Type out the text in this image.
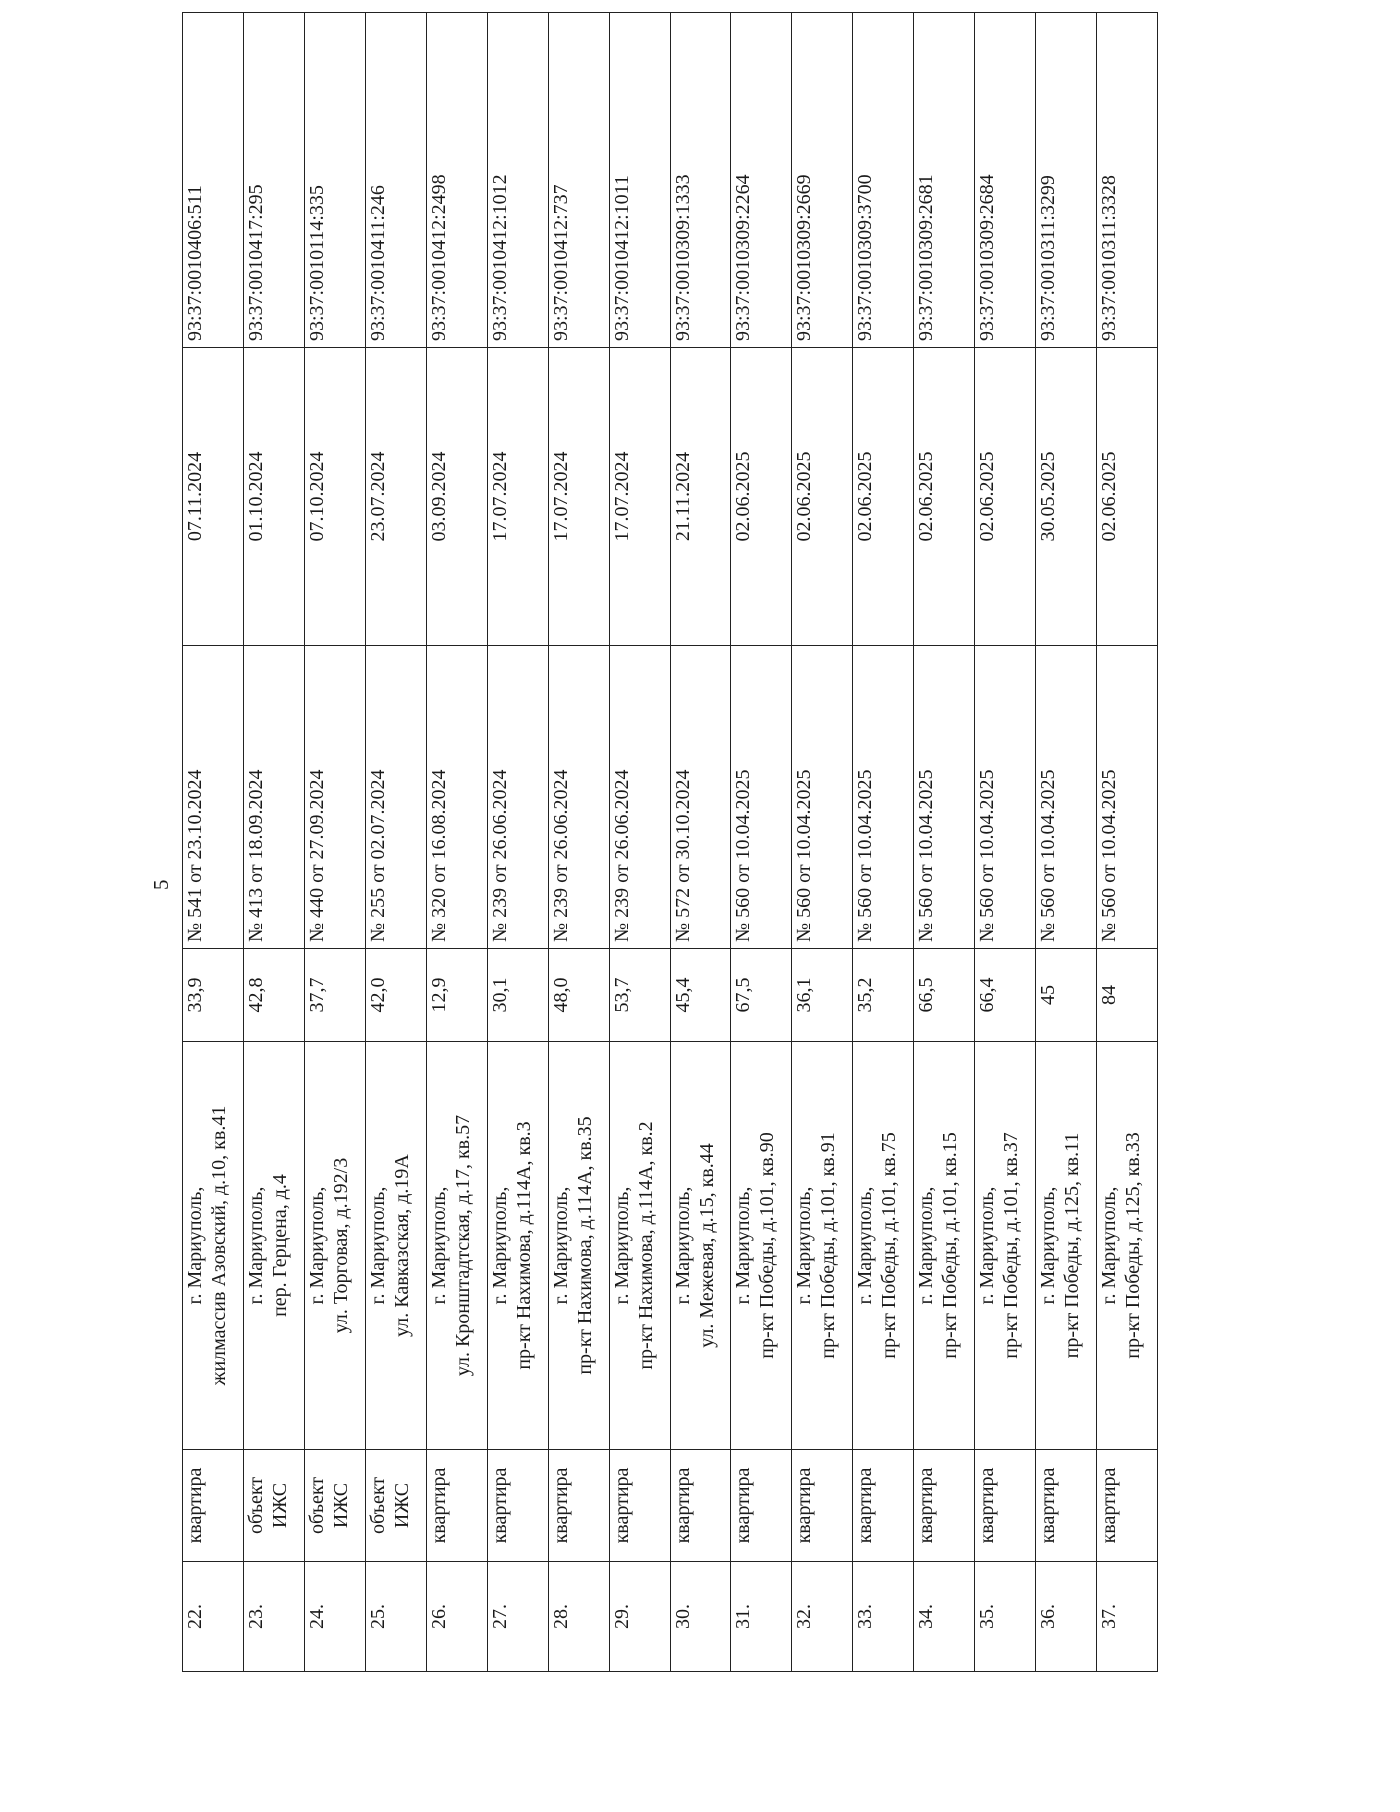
5
22.	квартира	г. Мариуполь, жилмассив Азовский, д.10, кв.41	33,9	№ 541 от 23.10.2024	07.11.2024	93:37:0010406:511
23.	объект ИЖС	г. Мариуполь, пер. Герцена, д.4	42,8	№ 413 от 18.09.2024	01.10.2024	93:37:0010417:295
24.	объект ИЖС	г. Мариуполь, ул. Торговая, д.192/3	37,7	№ 440 от 27.09.2024	07.10.2024	93:37:0010114:335
25.	объект ИЖС	г. Мариуполь, ул. Кавказская, д.19А	42,0	№ 255 от 02.07.2024	23.07.2024	93:37:0010411:246
26.	квартира	г. Мариуполь, ул. Кронштадтская, д.17, кв.57	12,9	№ 320 от 16.08.2024	03.09.2024	93:37:0010412:2498
27.	квартира	г. Мариуполь, пр-кт Нахимова, д.114А, кв.3	30,1	№ 239 от 26.06.2024	17.07.2024	93:37:0010412:1012
28.	квартира	г. Мариуполь, пр-кт Нахимова, д.114А, кв.35	48,0	№ 239 от 26.06.2024	17.07.2024	93:37:0010412:737
29.	квартира	г. Мариуполь, пр-кт Нахимова, д.114А, кв.2	53,7	№ 239 от 26.06.2024	17.07.2024	93:37:0010412:1011
30.	квартира	г. Мариуполь, ул. Межевая, д.15, кв.44	45,4	№ 572 от 30.10.2024	21.11.2024	93:37:0010309:1333
31.	квартира	г. Мариуполь, пр-кт Победы, д.101, кв.90	67,5	№ 560 от 10.04.2025	02.06.2025	93:37:0010309:2264
32.	квартира	г. Мариуполь, пр-кт Победы, д.101, кв.91	36,1	№ 560 от 10.04.2025	02.06.2025	93:37:0010309:2669
33.	квартира	г. Мариуполь, пр-кт Победы, д.101, кв.75	35,2	№ 560 от 10.04.2025	02.06.2025	93:37:0010309:3700
34.	квартира	г. Мариуполь, пр-кт Победы, д.101, кв.15	66,5	№ 560 от 10.04.2025	02.06.2025	93:37:0010309:2681
35.	квартира	г. Мариуполь, пр-кт Победы, д.101, кв.37	66,4	№ 560 от 10.04.2025	02.06.2025	93:37:0010309:2684
36.	квартира	г. Мариуполь, пр-кт Победы, д.125, кв.11	45	№ 560 от 10.04.2025	30.05.2025	93:37:0010311:3299
37.	квартира	г. Мариуполь, пр-кт Победы, д.125, кв.33	84	№ 560 от 10.04.2025	02.06.2025	93:37:0010311:3328
